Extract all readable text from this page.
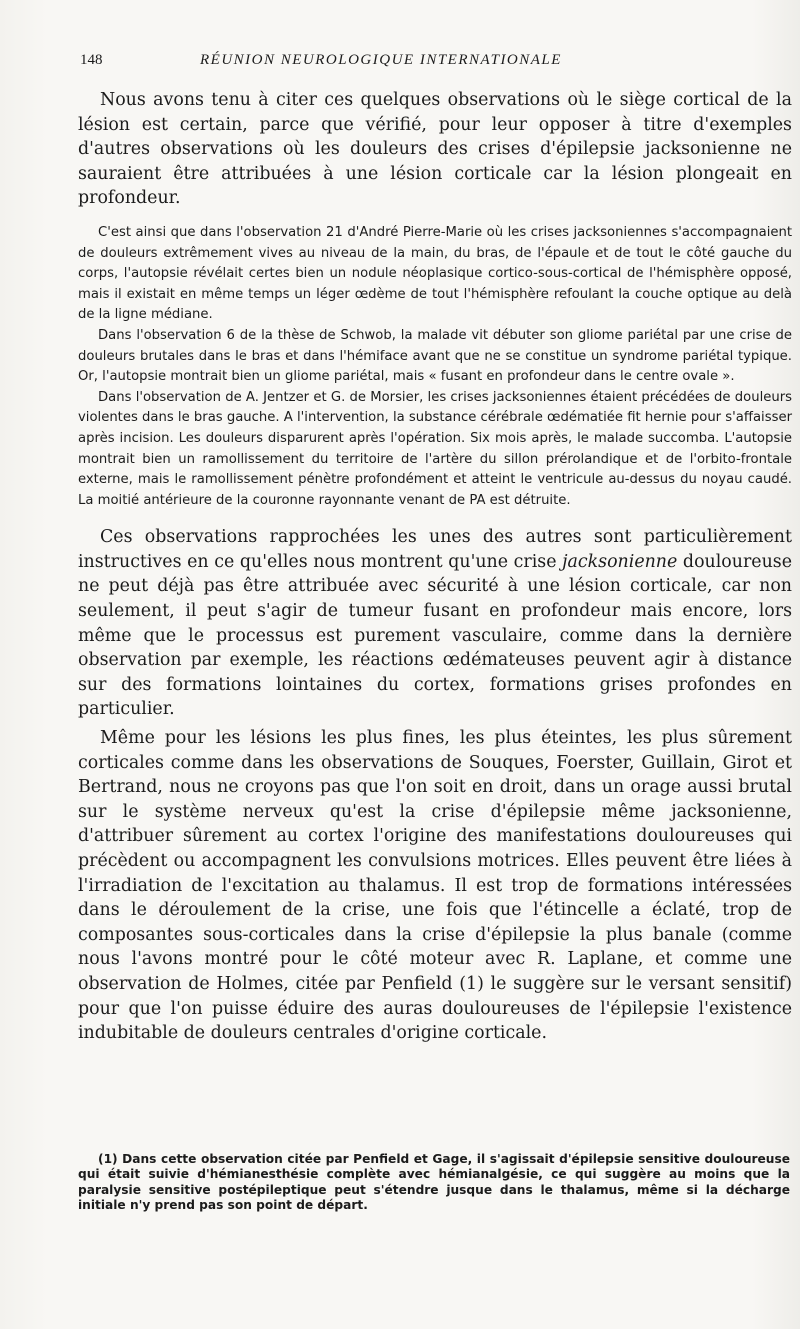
148	RÉUNION NEUROLOGIQUE INTERNATIONALE

Nous avons tenu à citer ces quelques observations où le siège cortical de la lésion est certain, parce que vérifié, pour leur opposer à titre d'exemples d'autres observations où les douleurs des crises d'épilepsie jacksonienne ne sauraient être attribuées à une lésion corticale car la lésion plongeait en profondeur.

C'est ainsi que dans l'observation 21 d'André Pierre-Marie où les crises jacksoniennes s'accompagnaient de douleurs extrêmement vives au niveau de la main, du bras, de l'épaule et de tout le côté gauche du corps, l'autopsie révélait certes bien un nodule néoplasique cortico-sous-cortical de l'hémisphère opposé, mais il existait en même temps un léger œdème de tout l'hémisphère refoulant la couche optique au delà de la ligne médiane.

Dans l'observation 6 de la thèse de Schwob, la malade vit débuter son gliome pariétal par une crise de douleurs brutales dans le bras et dans l'hémiface avant que ne se constitue un syndrome pariétal typique. Or, l'autopsie montrait bien un gliome pariétal, mais « fusant en profondeur dans le centre ovale ».

Dans l'observation de A. Jentzer et G. de Morsier, les crises jacksoniennes étaient précédées de douleurs violentes dans le bras gauche. A l'intervention, la substance cérébrale œdématiée fit hernie pour s'affaisser après incision. Les douleurs disparurent après l'opération. Six mois après, le malade succomba. L'autopsie montrait bien un ramollissement du territoire de l'artère du sillon prérolandique et de l'orbito-frontale externe, mais le ramollissement pénètre profondément et atteint le ventricule au-dessus du noyau caudé. La moitié antérieure de la couronne rayonnante venant de PA est détruite.

Ces observations rapprochées les unes des autres sont particulièrement instructives en ce qu'elles nous montrent qu'une crise jacksonienne douloureuse ne peut déjà pas être attribuée avec sécurité à une lésion corticale, car non seulement, il peut s'agir de tumeur fusant en profondeur mais encore, lors même que le processus est purement vasculaire, comme dans la dernière observation par exemple, les réactions œdémateuses peuvent agir à distance sur des formations lointaines du cortex, formations grises profondes en particulier.

Même pour les lésions les plus fines, les plus éteintes, les plus sûrement corticales comme dans les observations de Souques, Foerster, Guillain, Girot et Bertrand, nous ne croyons pas que l'on soit en droit, dans un orage aussi brutal sur le système nerveux qu'est la crise d'épilepsie même jacksonienne, d'attribuer sûrement au cortex l'origine des manifestations douloureuses qui précèdent ou accompagnent les convulsions motrices. Elles peuvent être liées à l'irradiation de l'excitation au thalamus. Il est trop de formations intéressées dans le déroulement de la crise, une fois que l'étincelle a éclaté, trop de composantes sous-corticales dans la crise d'épilepsie la plus banale (comme nous l'avons montré pour le côté moteur avec R. Laplane, et comme une observation de Holmes, citée par Penfield (1) le suggère sur le versant sensitif) pour que l'on puisse éduire des auras douloureuses de l'épilepsie l'existence indubitable de douleurs centrales d'origine corticale.

(1) Dans cette observation citée par Penfield et Gage, il s'agissait d'épilepsie sensitive douloureuse qui était suivie d'hémianesthésie complète avec hémianalgésie, ce qui suggère au moins que la paralysie sensitive postépileptique peut s'étendre jusque dans le thalamus, même si la décharge initiale n'y prend pas son point de départ.
